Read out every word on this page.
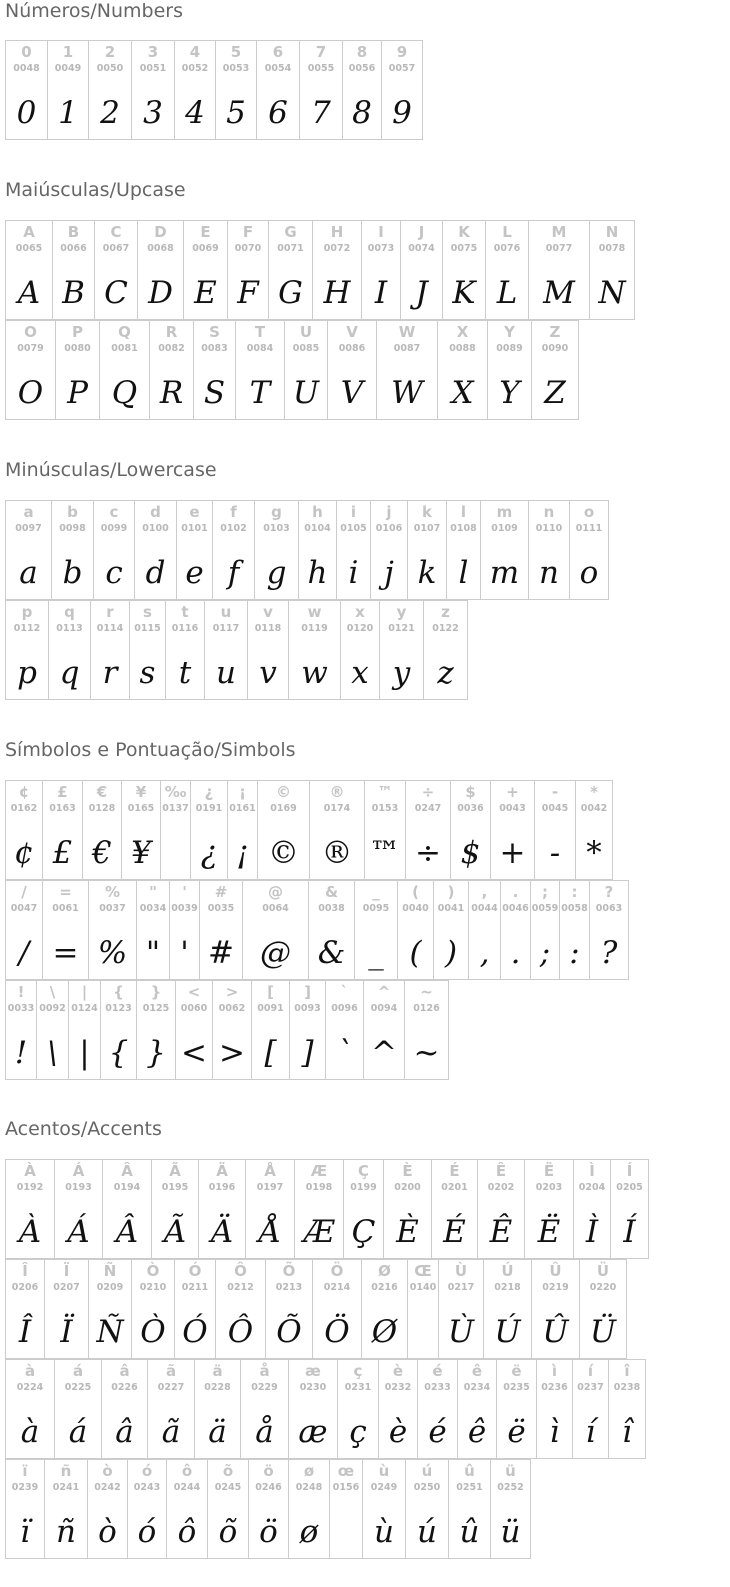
Números/Numbers
0
0048
0
1
0049
1
2
0050
2
3
0051
3
4
0052
4
5
0053
5
6
0054
6
7
0055
7
8
0056
8
9
0057
9
Maiúsculas/Upcase
A
0065
A
B
0066
B
C
0067
C
D
0068
D
E
0069
E
F
0070
F
G
0071
G
H
0072
H
I
0073
I
J
0074
J
K
0075
K
L
0076
L
M
0077
M
N
0078
N
O
0079
O
P
0080
P
Q
0081
Q
R
0082
R
S
0083
S
T
0084
T
U
0085
U
V
0086
V
W
0087
W
X
0088
X
Y
0089
Y
Z
0090
Z
Minúsculas/Lowercase
a
0097
a
b
0098
b
c
0099
c
d
0100
d
e
0101
e
f
0102
f
g
0103
g
h
0104
h
i
0105
i
j
0106
j
k
0107
k
l
0108
l
m
0109
m
n
0110
n
o
0111
o
p
0112
p
q
0113
q
r
0114
r
s
0115
s
t
0116
t
u
0117
u
v
0118
v
w
0119
w
x
0120
x
y
0121
y
z
0122
z
Símbolos e Pontuação/Simbols
¢
0162
¢
£
0163
£
€
0128
€
¥
0165
¥
‰
0137
¿
0191
¿
¡
0161
¡
©
0169
©
®
0174
®
™
0153
™
÷
0247
÷
$
0036
$
+
0043
+
-
0045
-
*
0042
*
/
0047
/
=
0061
=
%
0037
%
"
0034
"
'
0039
'
#
0035
#
@
0064
@
&
0038
&
_
0095
_
(
0040
(
)
0041
)
,
0044
,
.
0046
.
;
0059
;
:
0058
:
?
0063
?
!
0033
!
\
0092
\
|
0124
|
{
0123
{
}
0125
}
<
0060
<
>
0062
>
[
0091
[
]
0093
]
`
0096
`
^
0094
^
~
0126
~
Acentos/Accents
À
0192
À
Á
0193
Á
Â
0194
Â
Ã
0195
Ã
Ä
0196
Ä
Å
0197
Å
Æ
0198
Æ
Ç
0199
Ç
È
0200
È
É
0201
É
Ê
0202
Ê
Ë
0203
Ë
Ì
0204
Ì
Í
0205
Í
Î
0206
Î
Ï
0207
Ï
Ñ
0209
Ñ
Ò
0210
Ò
Ó
0211
Ó
Ô
0212
Ô
Õ
0213
Õ
Ö
0214
Ö
Ø
0216
Ø
Œ
0140
Ù
0217
Ù
Ú
0218
Ú
Û
0219
Û
Ü
0220
Ü
à
0224
à
á
0225
á
â
0226
â
ã
0227
ã
ä
0228
ä
å
0229
å
æ
0230
æ
ç
0231
ç
è
0232
è
é
0233
é
ê
0234
ê
ë
0235
ë
ì
0236
ì
í
0237
í
î
0238
î
ï
0239
ï
ñ
0241
ñ
ò
0242
ò
ó
0243
ó
ô
0244
ô
õ
0245
õ
ö
0246
ö
ø
0248
ø
œ
0156
ù
0249
ù
ú
0250
ú
û
0251
û
ü
0252
ü
